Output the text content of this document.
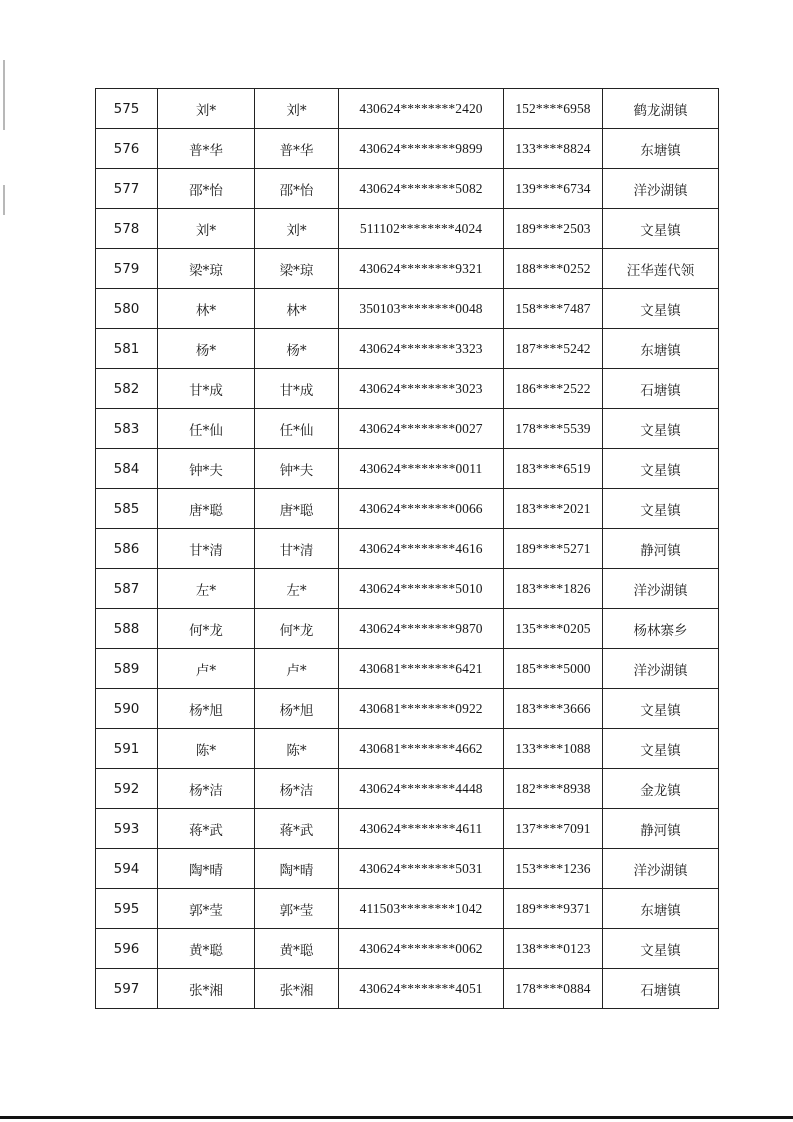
575	刘*	刘*	430624********2420	152****6958	鹤龙湖镇
576	普*华	普*华	430624********9899	133****8824	东塘镇
577	邵*怡	邵*怡	430624********5082	139****6734	洋沙湖镇
578	刘*	刘*	511102********4024	189****2503	文星镇
579	梁*琼	梁*琼	430624********9321	188****0252	汪华莲代领
580	林*	林*	350103********0048	158****7487	文星镇
581	杨*	杨*	430624********3323	187****5242	东塘镇
582	甘*成	甘*成	430624********3023	186****2522	石塘镇
583	任*仙	任*仙	430624********0027	178****5539	文星镇
584	钟*夫	钟*夫	430624********0011	183****6519	文星镇
585	唐*聪	唐*聪	430624********0066	183****2021	文星镇
586	甘*清	甘*清	430624********4616	189****5271	静河镇
587	左*	左*	430624********5010	183****1826	洋沙湖镇
588	何*龙	何*龙	430624********9870	135****0205	杨林寨乡
589	卢*	卢*	430681********6421	185****5000	洋沙湖镇
590	杨*旭	杨*旭	430681********0922	183****3666	文星镇
591	陈*	陈*	430681********4662	133****1088	文星镇
592	杨*洁	杨*洁	430624********4448	182****8938	金龙镇
593	蒋*武	蒋*武	430624********4611	137****7091	静河镇
594	陶*晴	陶*晴	430624********5031	153****1236	洋沙湖镇
595	郭*莹	郭*莹	411503********1042	189****9371	东塘镇
596	黄*聪	黄*聪	430624********0062	138****0123	文星镇
597	张*湘	张*湘	430624********4051	178****0884	石塘镇
